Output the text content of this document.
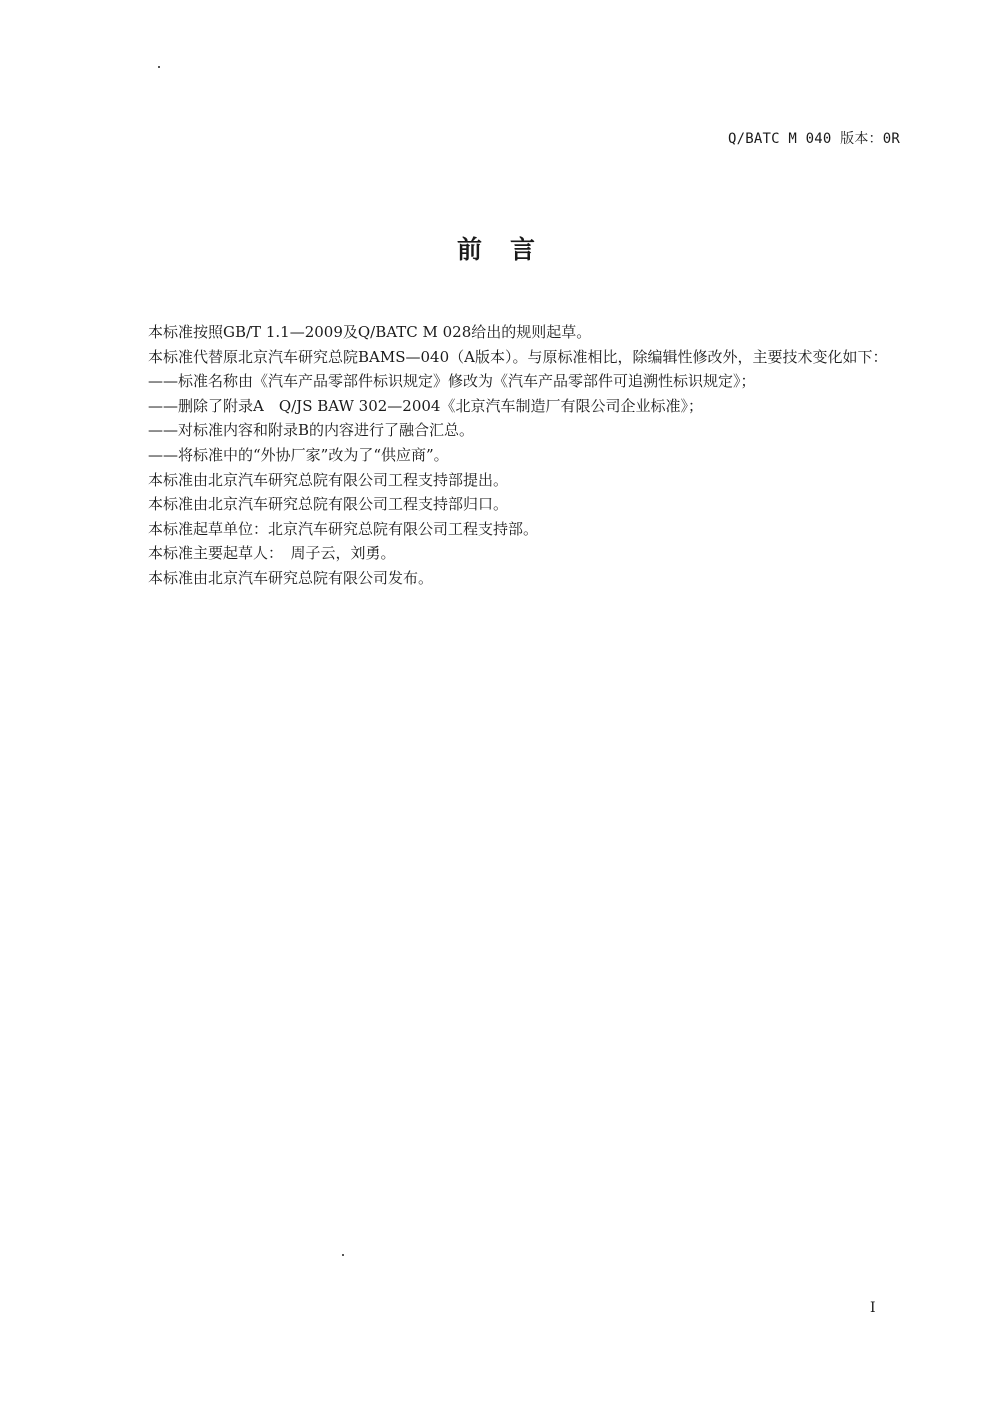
Q/BATC M 040 版本：0R
前言

本标准按照GB/T 1.1—2009及Q/BATC M 028给出的规则起草。

本标准代替原北京汽车研究总院BAMS—040（A版本）。与原标准相比，除编辑性修改外，主要技术变化如下：

——标准名称由《汽车产品零部件标识规定》修改为《汽车产品零部件可追溯性标识规定》；

——删除了附录A　Q/JS BAW 302—2004《北京汽车制造厂有限公司企业标准》；

——对标准内容和附录B的内容进行了融合汇总。

——将标准中的“外协厂家”改为了“供应商”。

本标准由北京汽车研究总院有限公司工程支持部提出。

本标准由北京汽车研究总院有限公司工程支持部归口。

本标准起草单位：北京汽车研究总院有限公司工程支持部。

本标准主要起草人：　周子云，刘勇。

本标准由北京汽车研究总院有限公司发布。

Ⅰ
